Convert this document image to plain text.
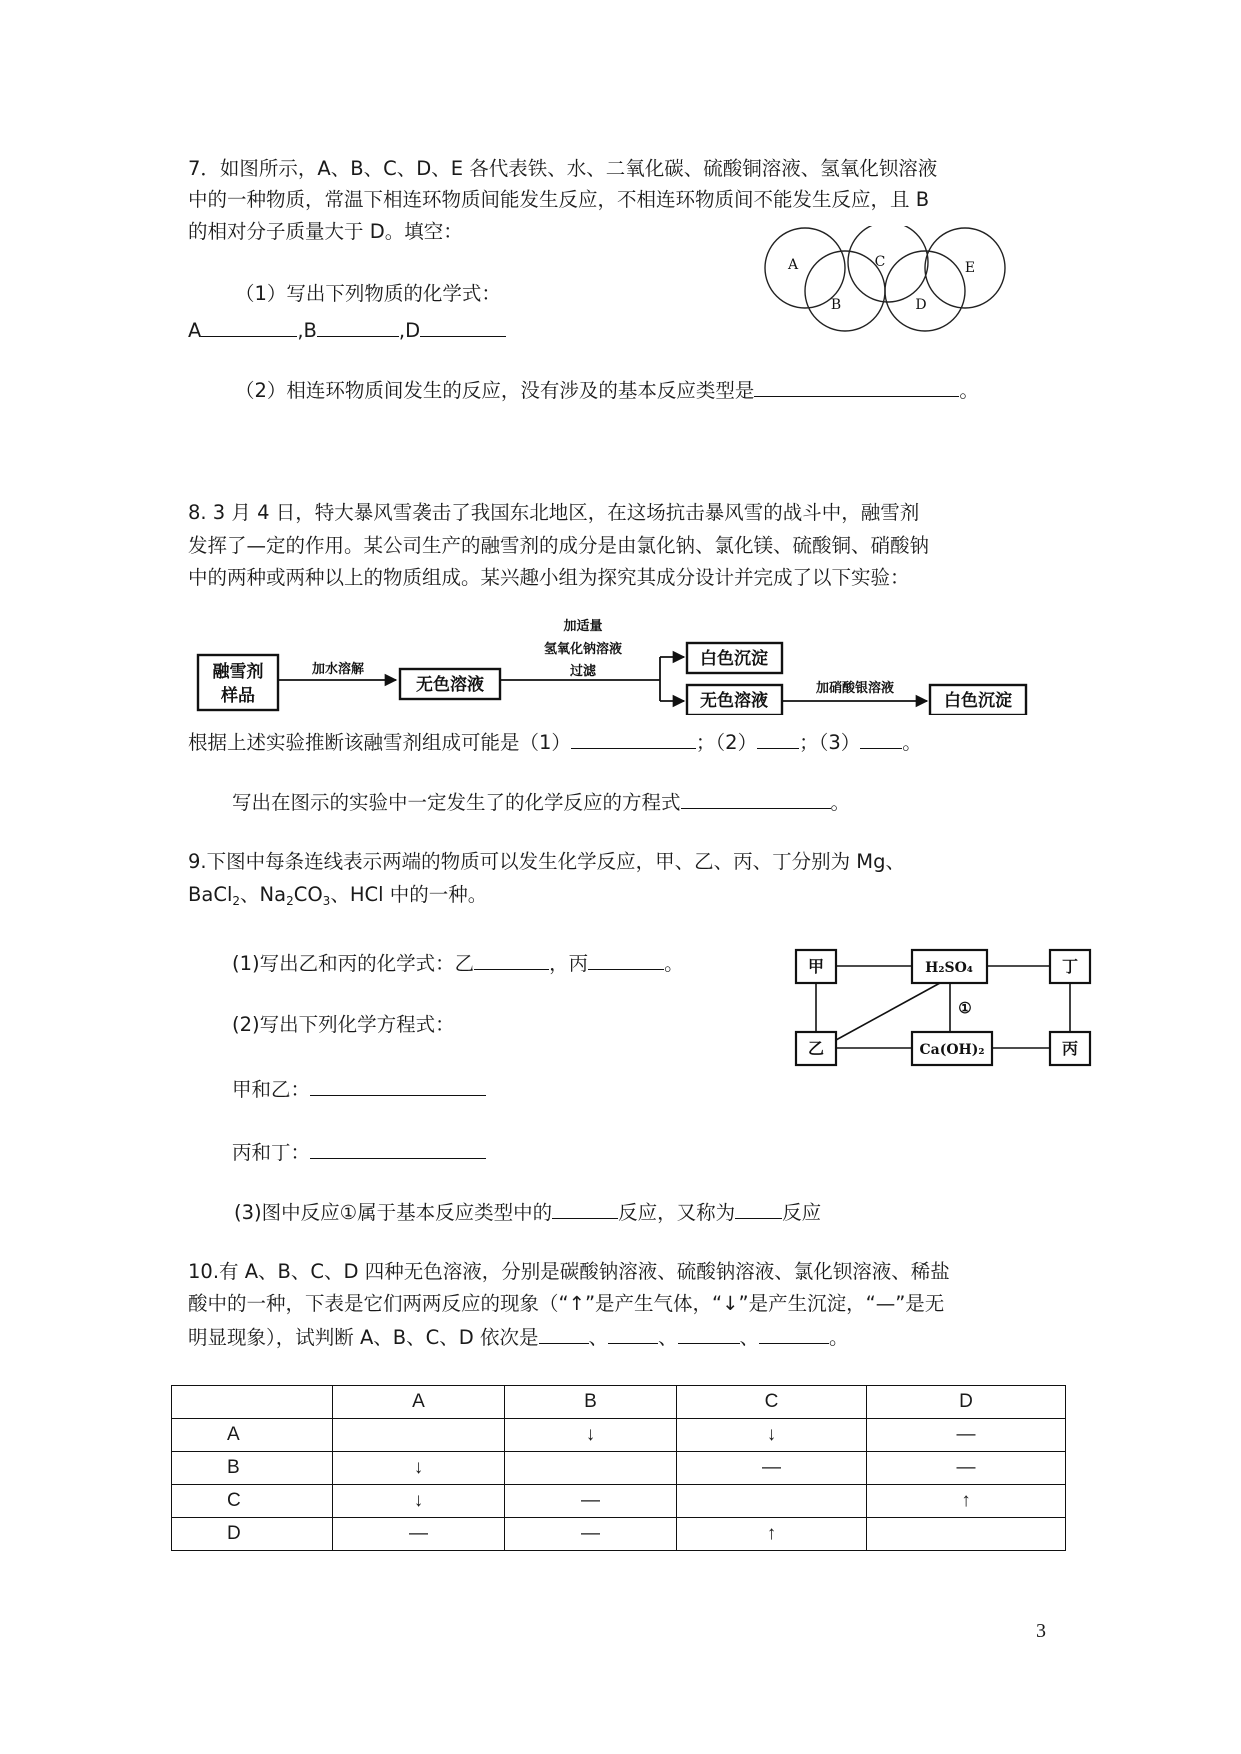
7．如图所示，A、B、C、D、E 各代表铁、水、二氧化碳、硫酸铜溶液、氢氧化钡溶液
中的一种物质，常温下相连环物质间能发生反应，不相连环物质间不能发生反应，且 B
的相对分子质量大于 D。填空：
A
B
C
D
E
（1）写出下列物质的化学式：
A	,B	,D
（2）相连环物质间发生的反应，没有涉及的基本反应类型是	。
8. 3 月 4 日，特大暴风雪袭击了我国东北地区，在这场抗击暴风雪的战斗中，融雪剂
发挥了—定的作用。某公司生产的融雪剂的成分是由氯化钠、氯化镁、硫酸铜、硝酸钠
中的两种或两种以上的物质组成。某兴趣小组为探究其成分设计并完成了以下实验：
融雪剂
样品
加水溶解
无色溶液
加适量
氢氧化钠溶液
过滤
白色沉淀
无色溶液
加硝酸银溶液
白色沉淀
根据上述实验推断该融雪剂组成可能是（1）	；（2） ；（3） 。
写出在图示的实验中一定发生了的化学反应的方程式	。
9.下图中每条连线表示两端的物质可以发生化学反应，甲、乙、丙、丁分别为 Mg、
BaCl$_2$、$Na_2CO_3$、HCl 中的一种。
(1)写出乙和丙的化学式：乙	，丙	。
(2)写出下列化学方程式：
甲和乙：
丙和丁：
(3)图中反应①属于基本反应类型中的	反应，又称为 反应
甲	H₂SO₄	丁
乙	Ca(OH)₂	丙
①
10.有 A、B、C、D 四种无色溶液，分别是碳酸钠溶液、硫酸钠溶液、氯化钡溶液、稀盐
酸中的一种，下表是它们两两反应的现象（“↑”是产生气体，“↓”是产生沉淀，“—”是无
明显现象），试判断 A、B、C、D 依次是	、	、	、	。
	A	B	C	D
A		↓	↓	—
B	↓		—	—
C	↓	—		↑
D	—	—	↑	
3
